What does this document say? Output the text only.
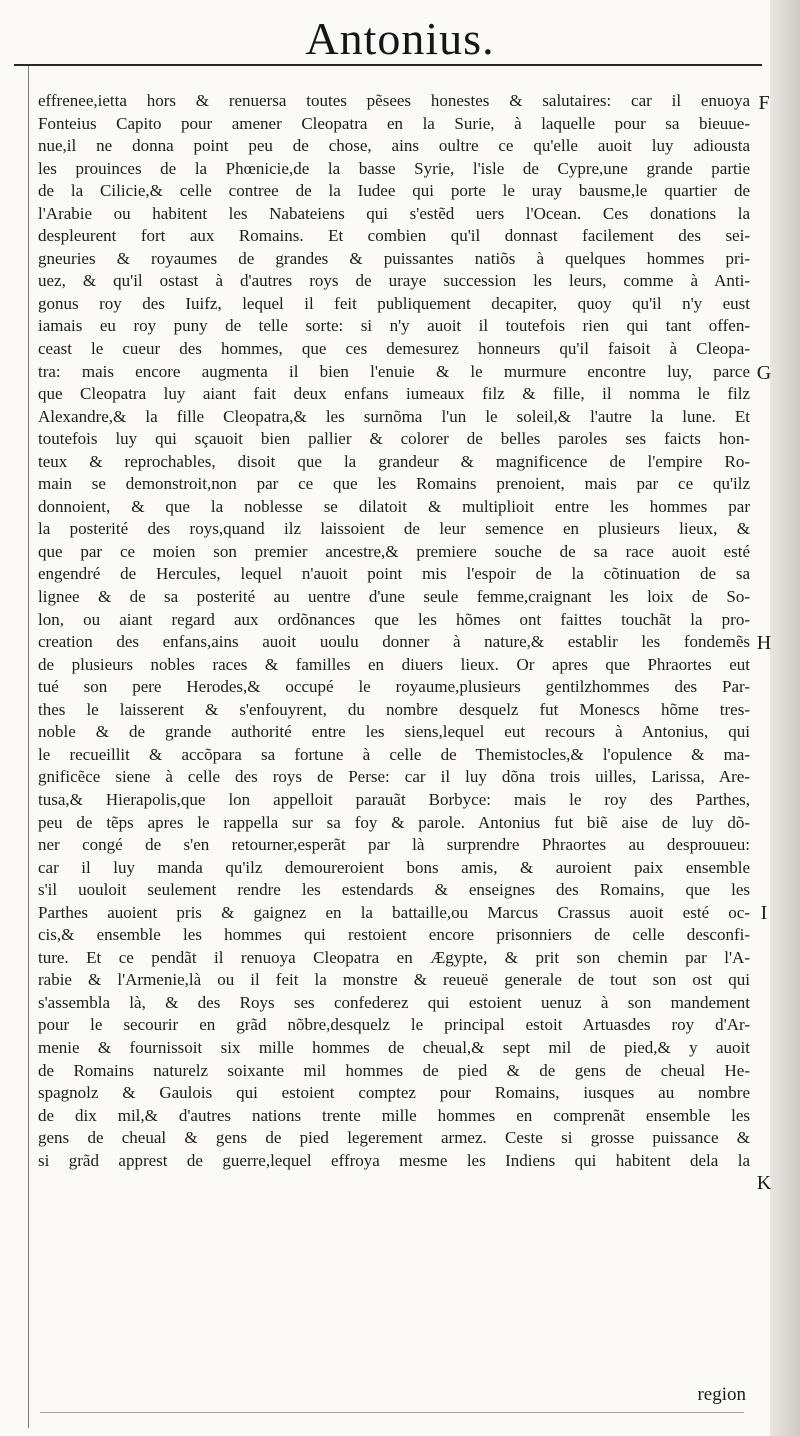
Antonius.
effrenee,ietta hors & renuersa toutes pẽsees honestes & salutaires: car il enuoya
Fonteius Capito pour amener Cleopatra en la Surie, à laquelle pour sa bieuue-
nue,il ne donna point peu de chose, ains oultre ce qu'elle auoit luy adiousta
les prouinces de la Phœnicie,de la basse Syrie, l'isle de Cypre,une grande partie
de la Cilicie,& celle contree de la Iudee qui porte le uray bausme,le quartier de
l'Arabie ou habitent les Nabateiens qui s'estẽd uers l'Ocean. Ces donations la
despleurent fort aux Romains. Et combien qu'il donnast facilement des sei-
gneuries & royaumes de grandes & puissantes natiõs à quelques hommes pri-
uez, & qu'il ostast à d'autres roys de uraye succession les leurs, comme à Anti-
gonus roy des Iuifz, lequel il feit publiquement decapiter, quoy qu'il n'y eust
iamais eu roy puny de telle sorte: si n'y auoit il toutefois rien qui tant offen-
ceast le cueur des hommes, que ces demesurez honneurs qu'il faisoit à Cleopa-
tra: mais encore augmenta il bien l'enuie & le murmure encontre luy, parce
que Cleopatra luy aiant fait deux enfans iumeaux filz & fille, il nomma le filz
Alexandre,& la fille Cleopatra,& les surnõma l'un le soleil,& l'autre la lune. Et
toutefois luy qui sçauoit bien pallier & colorer de belles paroles ses faicts hon-
teux & reprochables, disoit que la grandeur & magnificence de l'empire Ro-
main se demonstroit,non par ce que les Romains prenoient, mais par ce qu'ilz
donnoient, & que la noblesse se dilatoit & multiplioit entre les hommes par
la posterité des roys,quand ilz laissoient de leur semence en plusieurs lieux, &
que par ce moien son premier ancestre,& premiere souche de sa race auoit esté
engendré de Hercules, lequel n'auoit point mis l'espoir de la cõtinuation de sa
lignee & de sa posterité au uentre d'une seule femme,craignant les loix de So-
lon, ou aiant regard aux ordõnances que les hõmes ont faittes touchãt la pro-
creation des enfans,ains auoit uoulu donner à nature,& establir les fondemẽs
de plusieurs nobles races & familles en diuers lieux. Or apres que Phraortes eut
tué son pere Herodes,& occupé le royaume,plusieurs gentilzhommes des Par-
thes le laisserent & s'enfouyrent, du nombre desquelz fut Monescs hõme tres-
noble & de grande authorité entre les siens,lequel eut recours à Antonius, qui
le recueillit & accõpara sa fortune à celle de Themistocles,& l'opulence & ma-
gnificẽce siene à celle des roys de Perse: car il luy dõna trois uilles, Larissa, Are-
tusa,& Hierapolis,que lon appelloit parauãt Borbyce: mais le roy des Parthes,
peu de tẽps apres le rappella sur sa foy & parole. Antonius fut biẽ aise de luy dõ-
ner congé de s'en retourner,esperãt par là surprendre Phraortes au desprouueu:
car il luy manda qu'ilz demoureroient bons amis, & auroient paix ensemble
s'il uouloit seulement rendre les estendards & enseignes des Romains, que les
Parthes auoient pris & gaignez en la battaille,ou Marcus Crassus auoit esté oc-
cis,& ensemble les hommes qui restoient encore prisonniers de celle desconfi-
ture. Et ce pendãt il renuoya Cleopatra en Ægypte, & prit son chemin par l'A-
rabie & l'Armenie,là ou il feit la monstre & reueuë generale de tout son ost qui
s'assembla là, & des Roys ses confederez qui estoient uenuz à son mandement
pour le secourir en grãd nõbre,desquelz le principal estoit Artuasdes roy d'Ar-
menie & fournissoit six mille hommes de cheual,& sept mil de pied,& y auoit
de Romains naturelz soixante mil hommes de pied & de gens de cheual He-
spagnolz & Gaulois qui estoient comptez pour Romains, iusques au nombre
de dix mil,& d'autres nations trente mille hommes en comprenãt ensemble les
gens de cheual & gens de pied legerement armez. Ceste si grosse puissance &
si grãd apprest de guerre,lequel effroya mesme les Indiens qui habitent dela la
F
G
H
I
K
region
